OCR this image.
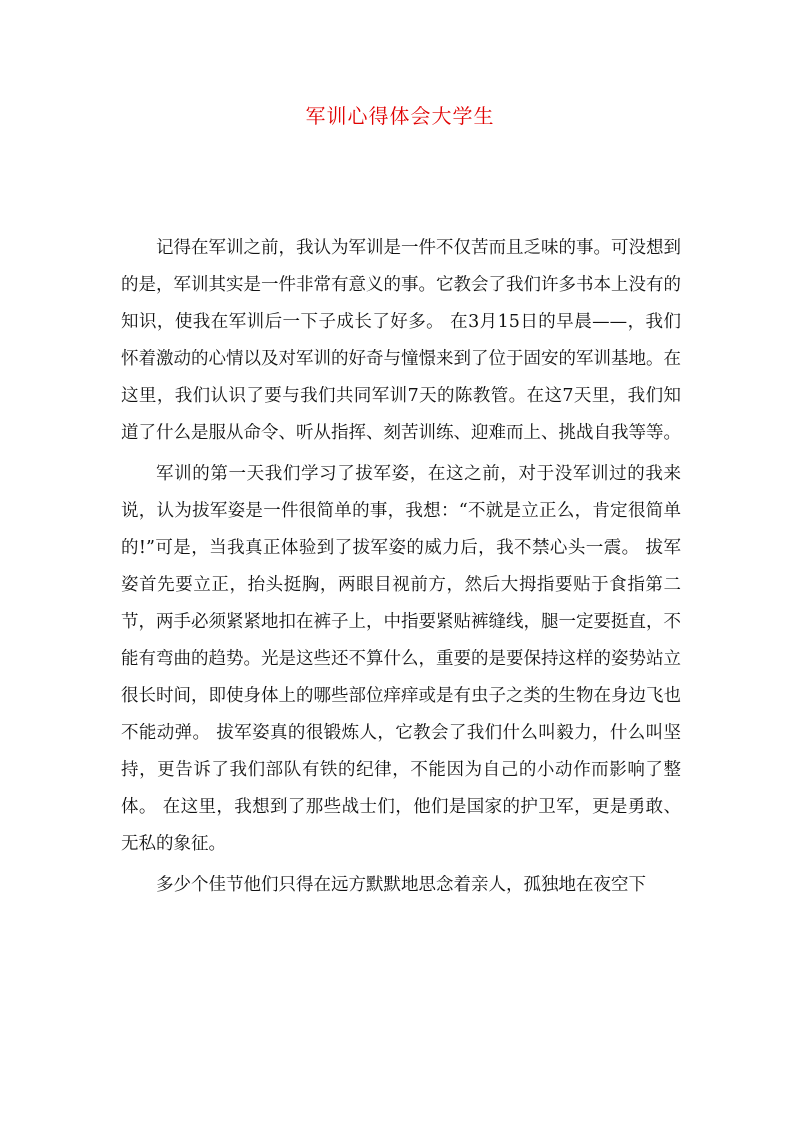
军训心得体会大学生

记得在军训之前，我认为军训是一件不仅苦而且乏味的事。可没想到的是，军训其实是一件非常有意义的事。它教会了我们许多书本上没有的知识，使我在军训后一下子成长了好多。 在3月15日的早晨——，我们怀着激动的心情以及对军训的好奇与憧憬来到了位于固安的军训基地。在这里，我们认识了要与我们共同军训7天的陈教管。在这7天里，我们知道了什么是服从命令、听从指挥、刻苦训练、迎难而上、挑战自我等等。

军训的第一天我们学习了拔军姿，在这之前，对于没军训过的我来说，认为拔军姿是一件很简单的事，我想：“不就是立正么，肯定很简单的!”可是，当我真正体验到了拔军姿的威力后，我不禁心头一震。 拔军姿首先要立正，抬头挺胸，两眼目视前方，然后大拇指要贴于食指第二节，两手必须紧紧地扣在裤子上，中指要紧贴裤缝线，腿一定要挺直，不能有弯曲的趋势。光是这些还不算什么，重要的是要保持这样的姿势站立很长时间，即使身体上的哪些部位痒痒或是有虫子之类的生物在身边飞也不能动弹。 拔军姿真的很锻炼人，它教会了我们什么叫毅力，什么叫坚持，更告诉了我们部队有铁的纪律，不能因为自己的小动作而影响了整体。 在这里，我想到了那些战士们，他们是国家的护卫军，更是勇敢、无私的象征。

多少个佳节他们只得在远方默默地思念着亲人，孤独地在夜空下
